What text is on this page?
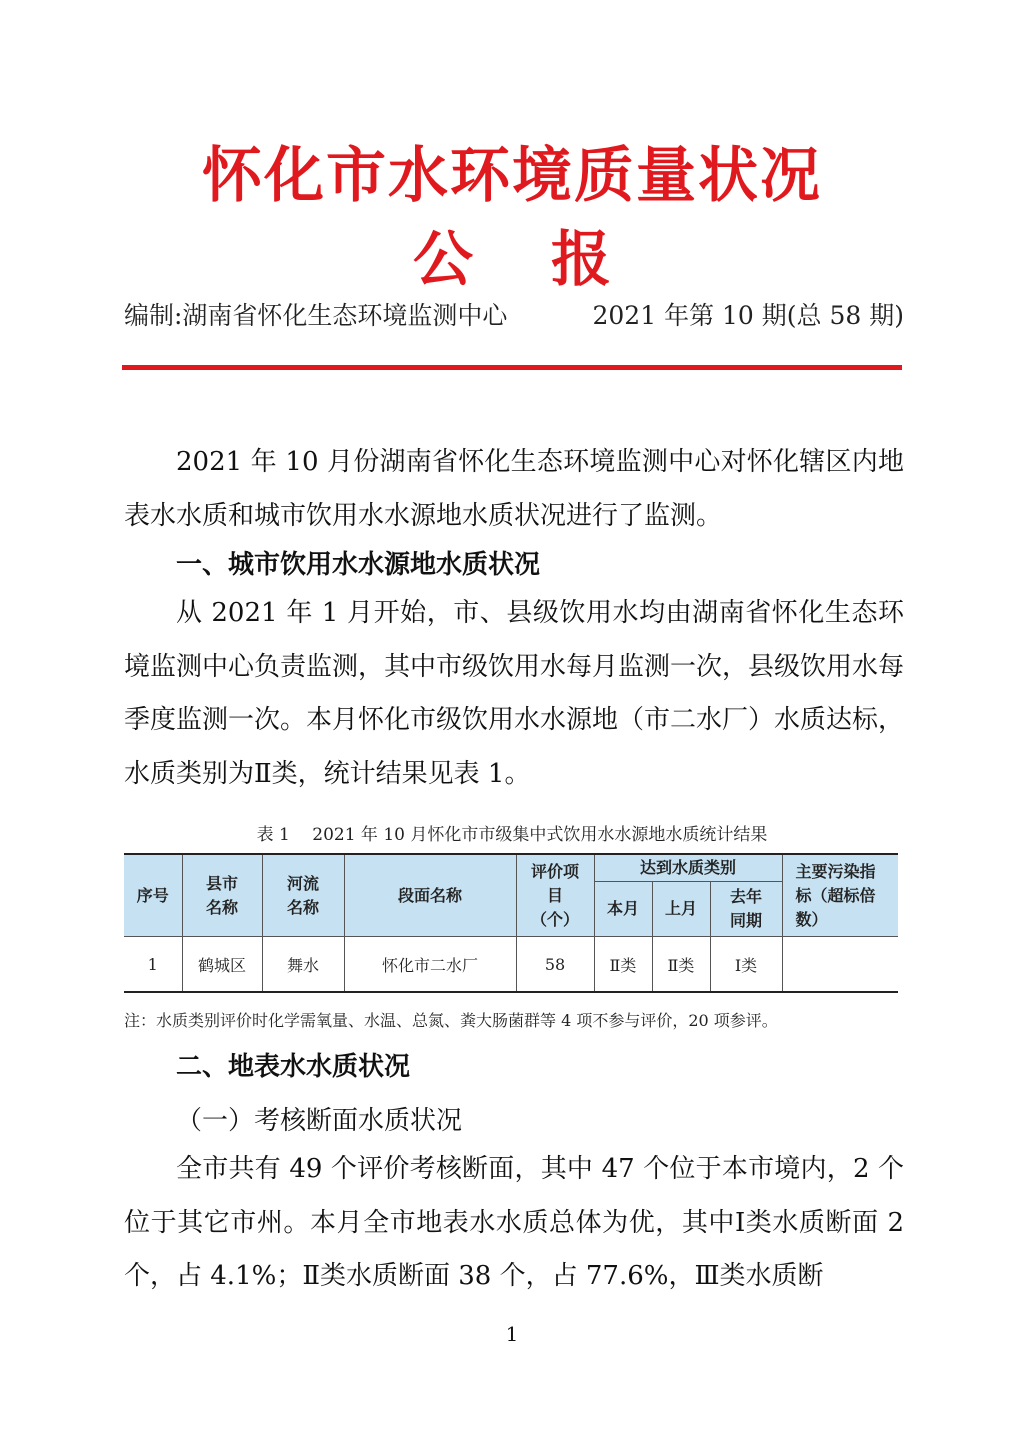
怀化市水环境质量状况
公报
编制:湖南省怀化生态环境监测中心	2021 年第 10 期(总 58 期)

2021 年 10 月份湖南省怀化生态环境监测中心对怀化辖区内地表水水质和城市饮用水水源地水质状况进行了监测。

一、城市饮用水水源地水质状况

从 2021 年 1 月开始，市、县级饮用水均由湖南省怀化生态环境监测中心负责监测，其中市级饮用水每月监测一次，县级饮用水每季度监测一次。本月怀化市级饮用水水源地（市二水厂）水质达标，水质类别为Ⅱ类，统计结果见表 1。

表 1　 2021 年 10 月怀化市市级集中式饮用水水源地水质统计结果
序号	县市名称	河流名称	段面名称	评价项目（个）	达到水质类别			主要污染指标（超标倍数）

					本月	上月	去年同期	

1	鹤城区	舞水	怀化市二水厂	58	Ⅱ类	Ⅱ类	Ⅰ类	
注：水质类别评价时化学需氧量、水温、总氮、粪大肠菌群等 4 项不参与评价，20 项参评。
二、地表水水质状况
（一）考核断面水质状况

全市共有 49 个评价考核断面，其中 47 个位于本市境内，2 个位于其它市州。本月全市地表水水质总体为优，其中Ⅰ类水质断面 2 个，占 4.1%；Ⅱ类水质断面 38 个，占 77.6%，Ⅲ类水质断

1
